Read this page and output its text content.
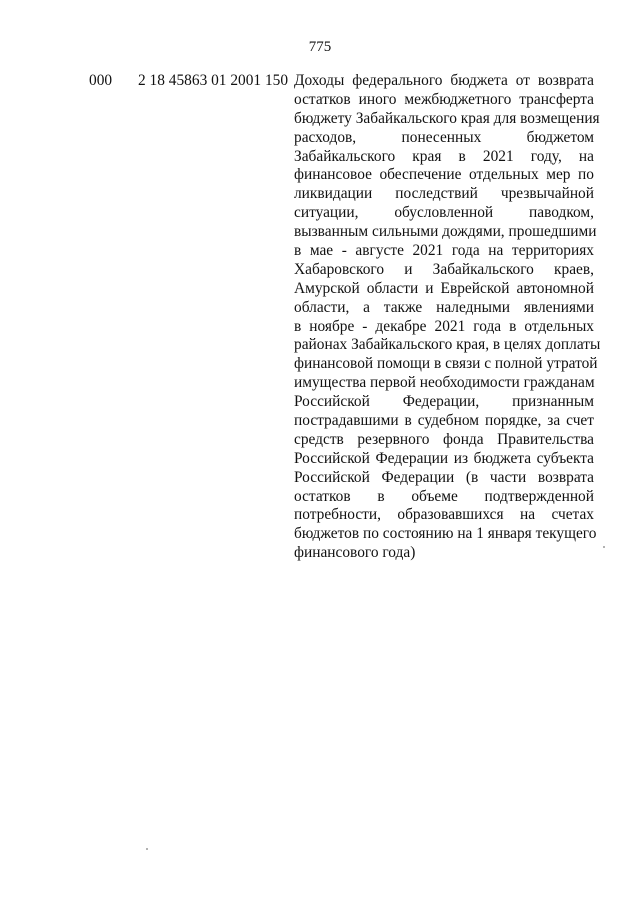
775
000 2 18 45863 01 2001 150 Доходы федерального бюджета от возврата
остатков иного межбюджетного трансферта
бюджету Забайкальского края для возмещения
расходов, понесенных бюджетом
Забайкальского края в 2021 году, на
финансовое обеспечение отдельных мер по
ликвидации последствий чрезвычайной
ситуации, обусловленной паводком,
вызванным сильными дождями, прошедшими
в мае - августе 2021 года на территориях
Хабаровского и Забайкальского краев,
Амурской области и Еврейской автономной
области, а также наледными явлениями
в ноябре - декабре 2021 года в отдельных
районах Забайкальского края, в целях доплаты
финансовой помощи в связи с полной утратой
имущества первой необходимости гражданам
Российской Федерации, признанным
пострадавшими в судебном порядке, за счет
средств резервного фонда Правительства
Российской Федерации из бюджета субъекта
Российской Федерации (в части возврата
остатков в объеме подтвержденной
потребности, образовавшихся на счетах
бюджетов по состоянию на 1 января текущего
финансового года)
